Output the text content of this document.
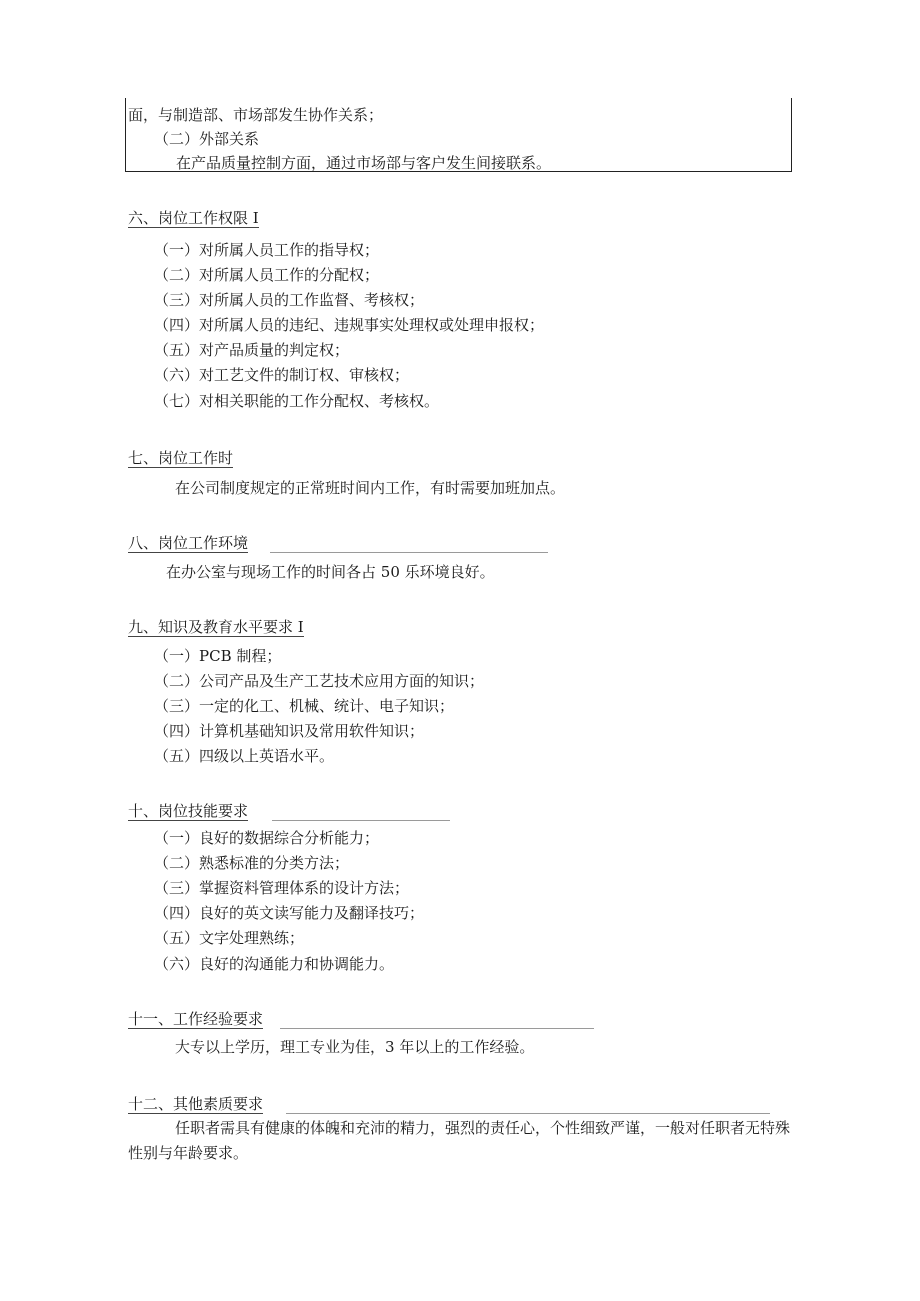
面，与制造部、市场部发生协作关系；
（二）外部关系
在产品质量控制方面，通过市场部与客户发生间接联系。
六、岗位工作权限 I
（一）对所属人员工作的指导权；
（二）对所属人员工作的分配权；
（三）对所属人员的工作监督、考核权；
（四）对所属人员的违纪、违规事实处理权或处理申报权；
（五）对产品质量的判定权；
（六）对工艺文件的制订权、审核权；
（七）对相关职能的工作分配权、考核权。
七、岗位工作时
在公司制度规定的正常班时间内工作，有时需要加班加点。
八、岗位工作环境
在办公室与现场工作的时间各占 50 乐环境良好。
九、知识及教育水平要求 I
（一）PCB 制程；
（二）公司产品及生产工艺技术应用方面的知识；
（三）一定的化工、机械、统计、电子知识；
（四）计算机基础知识及常用软件知识；
（五）四级以上英语水平。
十、岗位技能要求
（一）良好的数据综合分析能力；
（二）熟悉标准的分类方法；
（三）掌握资料管理体系的设计方法；
（四）良好的英文读写能力及翻译技巧；
（五）文字处理熟练；
（六）良好的沟通能力和协调能力。
十一、工作经验要求
大专以上学历，理工专业为佳，3 年以上的工作经验。
十二、其他素质要求
任职者需具有健康的体魄和充沛的精力，强烈的责任心，个性细致严谨，一般对任职者无特殊性别与年龄要求。
